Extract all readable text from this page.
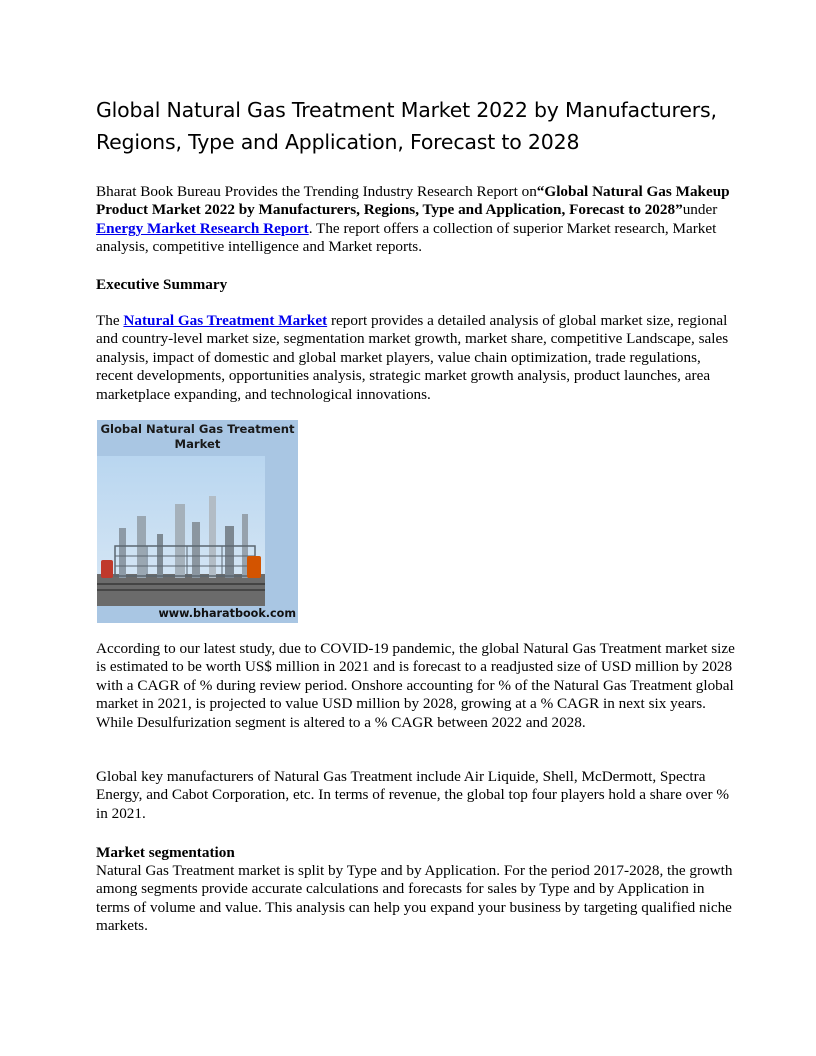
Global Natural Gas Treatment Market 2022 by Manufacturers, Regions, Type and Application, Forecast to 2028

Bharat Book Bureau Provides the Trending Industry Research Report on“Global Natural Gas Makeup Product Market 2022 by Manufacturers, Regions, Type and Application, Forecast to 2028”under Energy Market Research Report. The report offers a collection of superior Market research, Market analysis, competitive intelligence and Market reports.

Executive Summary

The Natural Gas Treatment Market report provides a detailed analysis of global market size, regional and country-level market size, segmentation market growth, market share, competitive Landscape, sales analysis, impact of domestic and global market players, value chain optimization, trade regulations, recent developments, opportunities analysis, strategic market growth analysis, product launches, area marketplace expanding, and technological innovations.

Global Natural Gas Treatment Market
www.bharatbook.com

According to our latest study, due to COVID-19 pandemic, the global Natural Gas Treatment market size is estimated to be worth US$ million in 2021 and is forecast to a readjusted size of USD million by 2028 with a CAGR of % during review period. Onshore accounting for % of the Natural Gas Treatment global market in 2021, is projected to value USD million by 2028, growing at a % CAGR in next six years. While Desulfurization segment is altered to a % CAGR between 2022 and 2028.

Global key manufacturers of Natural Gas Treatment include Air Liquide, Shell, McDermott, Spectra Energy, and Cabot Corporation, etc. In terms of revenue, the global top four players hold a share over % in 2021.

Market segmentation

Natural Gas Treatment market is split by Type and by Application. For the period 2017-2028, the growth among segments provide accurate calculations and forecasts for sales by Type and by Application in terms of volume and value. This analysis can help you expand your business by targeting qualified niche markets.
